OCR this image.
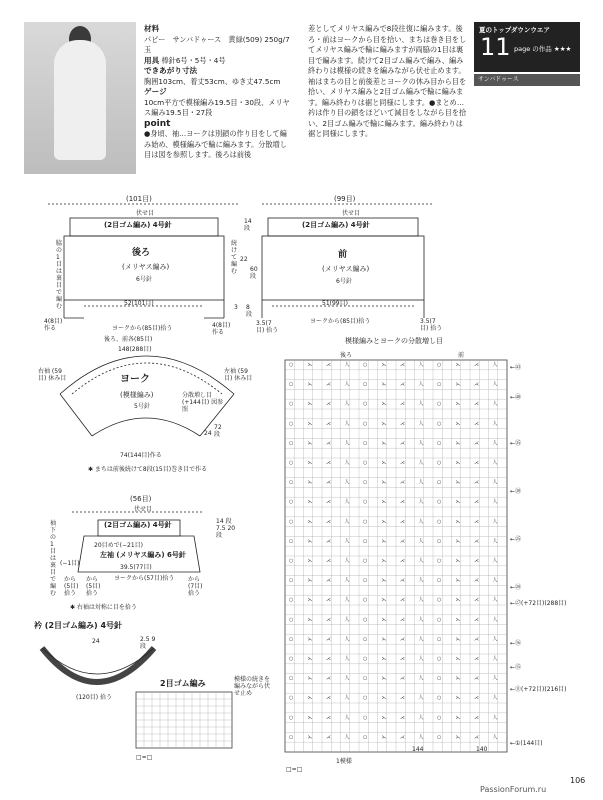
材料
パピー　サンバドゥース　黄緑(509) 250g/7玉
用具 棒針6号・5号・4号
できあがり寸法
胸囲103cm、着丈53cm、ゆき丈47.5cm
ゲージ
10cm平方で模様編み19.5目・30段、メリヤス編み19.5目・27段
point
●身頃、袖…ヨークは別鎖の作り目をして編み始め、模様編みで輪に編みます。分散増し目は図を参照します。後ろは前後
差としてメリヤス編みで8段往復に編みます。後ろ・前はヨークから目を拾い、まちは巻き目をしてメリヤス編みで輪に編みますが両脇の1目は裏目で編みます。続けて2目ゴム編みで編み、編み終わりは模様の続きを編みながら伏せ止めます。袖はまちの目と前後差とヨークの休み目から目を拾い、メリヤス編みと2目ゴム編みで輪に編みます。編み終わりは裾と同様にします。●まとめ…衿は作り目の鎖をほどいて減目をしながら目を拾い、2目ゴム編みで輪に編みます。編み終わりは裾と同様にします。
夏のトップダウンウエア
11 page の作品 ★★★
サンバドゥース
○	⋋	⋌	人	○	⋋	⋌	人	○	⋋	⋌	人
○	⋋	⋌	人	○	⋋	⋌	人	○	⋋	⋌	人
○	⋋	⋌	人	○	⋋	⋌	人	○	⋋	⋌	人
○	⋋	⋌	人	○	⋋	⋌	人	○	⋋	⋌	人
○	⋋	⋌	人	○	⋋	⋌	人	○	⋋	⋌	人
○	⋋	⋌	人	○	⋋	⋌	人	○	⋋	⋌	人
○	⋋	⋌	人	○	⋋	⋌	人	○	⋋	⋌	人
○	⋋	⋌	人	○	⋋	⋌	人	○	⋋	⋌	人
○	⋋	⋌	人	○	⋋	⋌	人	○	⋋	⋌	人
○	⋋	⋌	人	○	⋋	⋌	人	○	⋋	⋌	人
○	⋋	⋌	人	○	⋋	⋌	人	○	⋋	⋌	人
○	⋋	⋌	人	○	⋋	⋌	人	○	⋋	⋌	人
○	⋋	⋌	人	○	⋋	⋌	人	○	⋋	⋌	人
○	⋋	⋌	人	○	⋋	⋌	人	○	⋋	⋌	人
○	⋋	⋌	人	○	⋋	⋌	人	○	⋋	⋌	人
○	⋋	⋌	人	○	⋋	⋌	人	○	⋋	⋌	人
○	⋋	⋌	人	○	⋋	⋌	人	○	⋋	⋌	人
○	⋋	⋌	人	○	⋋	⋌	人	○	⋋	⋌	人
○	⋋	⋌	人	○	⋋	⋌	人	○	⋋	⋌	人
○	⋋	⋌	人	○	⋋	⋌	人	○	⋋	⋌	人
(101目)
伏せ目
(2目ゴム編み) 4号針
後ろ
(メリヤス編み)
6号針
52(101目)
ヨークから(85目)拾う
4(8目) 作る	4(8目) 作る
脇の1目は裏目で編む
(99目)
伏せ目
(2目ゴム編み) 4号針
前
(メリヤス編み)
6号針
51(99目)
ヨークから(85目)拾う
3.5(7目) 拾う
3.5(7目) 拾う
14 段
22
60 段
3 8 段
続けて編む
後ろ、前各(85目)
148(288目)
右袖 (59目) 休み目
左袖 (59目) 休み目
ヨーク
(模様編み)
5号針
分散増し目 (+144目) 図参照
74(144目)作る
24
72 段
✱ まちは前後続けて8段(15目)巻き目で作る
(56目)
伏せ目
(2目ゴム編み) 4号針
20目めで(−21目)
左袖 (メリヤス編み) 6号針
39.5(77目)
ヨークから(57目)拾う
(−1目)
から (5目) 拾う
から (5目) 拾う
から (7目) 拾う
14 段 7.5 20 段
✱ 右袖は対称に目を拾う
袖下の1目は裏目で編む
衿 (2目ゴム編み) 4号針
24	2.5 9 段
(120目) 拾う
2目ゴム編み	模様の続きを編みながら伏せ止め
□=□
模様編みとヨークの分散増し目
後ろ	前
1模様
144	140
□=□
←㊸
←㊵
←㉟
←㉚
←㉕
←⑳
←⑯
←⑮
←㉗(+72目)(288目)
←⑪(+72目)(216目)
←①(144目)
106
PassionForum.ru
